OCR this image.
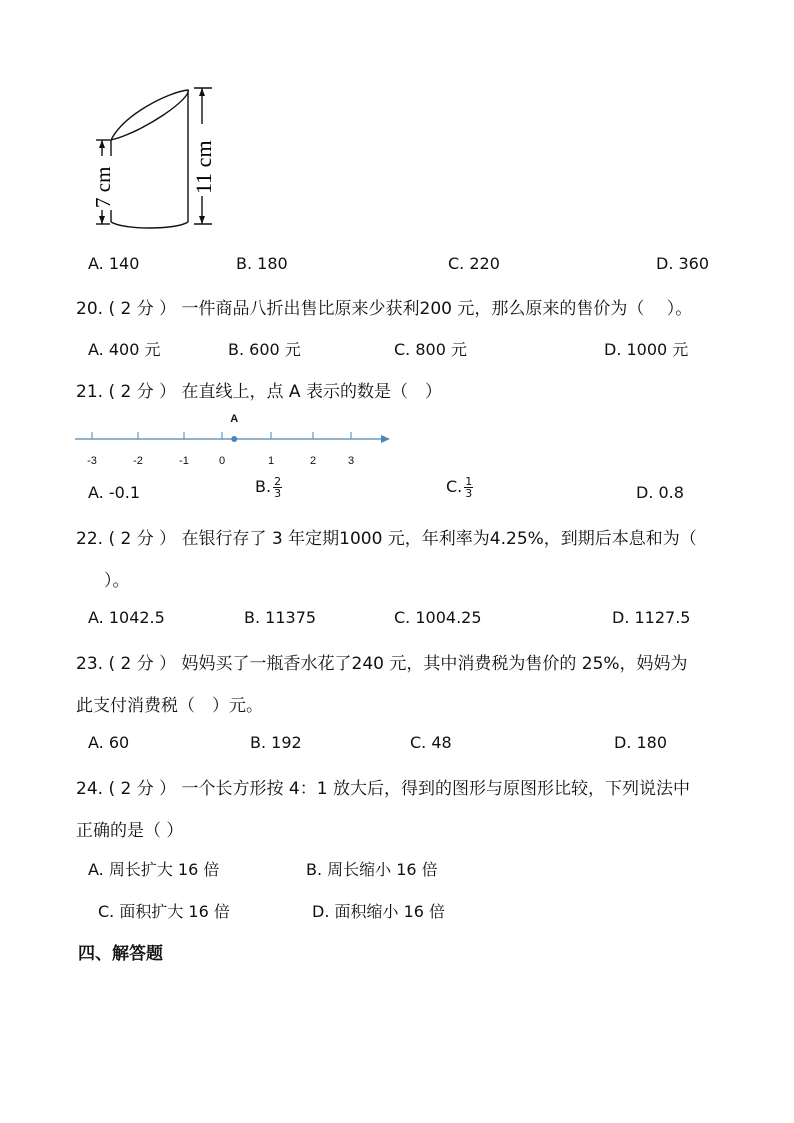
7 cm	11 cm
A. 140	B. 180	C. 220	D. 360
20. ( 2 分 ） 一件商品八折出售比原来少获利200 元，那么原来的售价为（　 ）。
A. 400 元	B. 600 元	C. 800 元	D. 1000 元
21. ( 2 分 ） 在直线上，点 A 表示的数是（　）
-3	-2	-1	0	1	2	3
A
A. -0.1	B. $\frac{2}{3}$	C. $\frac{1}{3}$	D. 0.8
22. ( 2 分 ） 在银行存了 3 年定期1000 元，年利率为4.25%，到期后本息和为（
）。
A. 1042.5	B. 11375	C. 1004.25	D. 1127.5
23. ( 2 分 ） 妈妈买了一瓶香水花了240 元，其中消费税为售价的 25%，妈妈为
此支付消费税（　）元。
A. 60	B. 192	C. 48	D. 180
24. ( 2 分 ） 一个长方形按 4：1 放大后，得到的图形与原图形比较，下列说法中
正确的是（ ）
A. 周长扩大 16 倍	B. 周长缩小 16 倍
C. 面积扩大 16 倍	D. 面积缩小 16 倍
四、解答题
